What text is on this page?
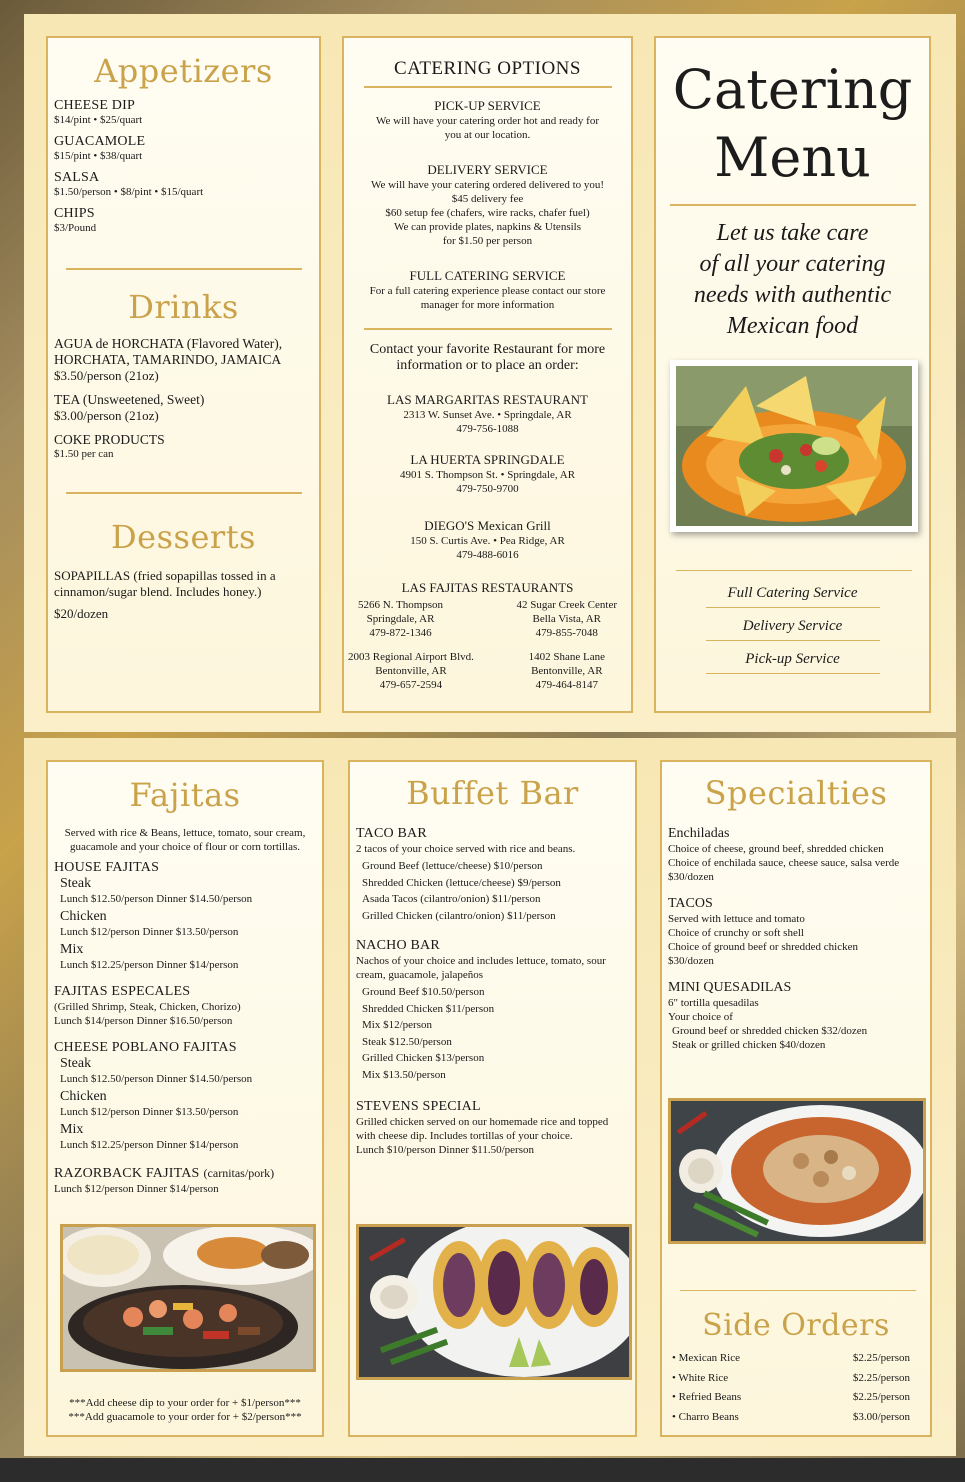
Appetizers
CHEESE DIP
$14/pint • $25/quart
GUACAMOLE
$15/pint • $38/quart
SALSA
$1.50/person • $8/pint • $15/quart
CHIPS
$3/Pound
Drinks
AGUA de HORCHATA (Flavored Water),
HORCHATA, TAMARINDO, JAMAICA
$3.50/person (21oz)
TEA (Unsweetened, Sweet)
$3.00/person (21oz)
COKE PRODUCTS
$1.50 per can
Desserts
SOPAPILLAS (fried sopapillas tossed in a
cinnamon/sugar blend. Includes honey.)
$20/dozen
CATERING OPTIONS
PICK-UP SERVICE
We will have your catering order hot and ready for
you at our location.
DELIVERY SERVICE
We will have your catering ordered delivered to you!
$45 delivery fee
$60 setup fee (chafers, wire racks, chafer fuel)
We can provide plates, napkins & Utensils
for $1.50 per person
FULL CATERING SERVICE
For a full catering experience please contact our store
manager for more information
Contact your favorite Restaurant for more
information or to place an order:
LAS MARGARITAS RESTAURANT
2313 W. Sunset Ave. • Springdale, AR
479-756-1088
LA HUERTA SPRINGDALE
4901 S. Thompson St. • Springdale, AR
479-750-9700
DIEGO'S Mexican Grill
150 S. Curtis Ave. • Pea Ridge, AR
479-488-6016
LAS FAJITAS RESTAURANTS
5266 N. Thompson
Springdale, AR
479-872-1346
42 Sugar Creek Center
Bella Vista, AR
479-855-7048
2003 Regional Airport Blvd.
Bentonville, AR
479-657-2594
1402 Shane Lane
Bentonville, AR
479-464-8147
Catering
Menu
Let us take care
of all your catering
needs with authentic
Mexican food
Full Catering Service
Delivery Service
Pick-up Service
Fajitas
Served with rice & Beans, lettuce, tomato, sour cream,
guacamole and your choice of flour or corn tortillas.
HOUSE FAJITAS
Steak
Lunch $12.50/person Dinner $14.50/person
Chicken
Lunch $12/person Dinner $13.50/person
Mix
Lunch $12.25/person Dinner $14/person
FAJITAS ESPECALES
(Grilled Shrimp, Steak, Chicken, Chorizo)
Lunch $14/person Dinner $16.50/person
CHEESE POBLANO FAJITAS
Steak
Lunch $12.50/person Dinner $14.50/person
Chicken
Lunch $12/person Dinner $13.50/person
Mix
Lunch $12.25/person Dinner $14/person
RAZORBACK FAJITAS (carnitas/pork)
Lunch $12/person Dinner $14/person
***Add cheese dip to your order for + $1/person***
***Add guacamole to your order for + $2/person***
Buffet Bar
TACO BAR
2 tacos of your choice served with rice and beans.
Ground Beef (lettuce/cheese) $10/person
Shredded Chicken (lettuce/cheese) $9/person
Asada Tacos (cilantro/onion) $11/person
Grilled Chicken (cilantro/onion) $11/person
NACHO BAR
Nachos of your choice and includes lettuce, tomato, sour
cream, guacamole, jalapeños
Ground Beef $10.50/person
Shredded Chicken $11/person
Mix $12/person
Steak $12.50/person
Grilled Chicken $13/person
Mix $13.50/person
STEVENS SPECIAL
Grilled chicken served on our homemade rice and topped
with cheese dip. Includes tortillas of your choice.
Lunch $10/person Dinner $11.50/person
Specialties
Enchiladas
Choice of cheese, ground beef, shredded chicken
Choice of enchilada sauce, cheese sauce, salsa verde
$30/dozen
TACOS
Served with lettuce and tomato
Choice of crunchy or soft shell
Choice of ground beef or shredded chicken
$30/dozen
MINI QUESADILAS
6" tortilla quesadilas
Your choice of
Ground beef or shredded chicken $32/dozen
Steak or grilled chicken $40/dozen
Side Orders
• Mexican Rice	$2.25/person
• White Rice	$2.25/person
• Refried Beans	$2.25/person
• Charro Beans	$3.00/person
